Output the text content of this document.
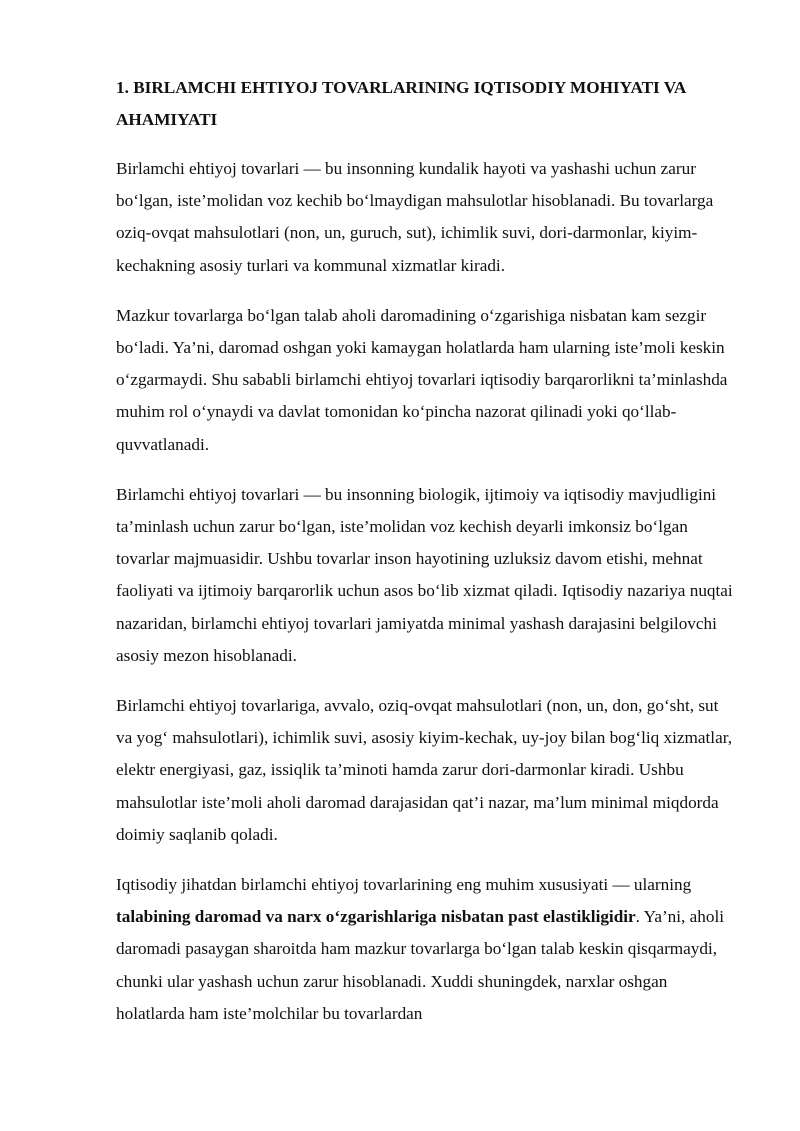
1. BIRLAMCHI EHTIYOJ TOVARLARINING IQTISODIY MOHIYATI VA AHAMIYATI

Birlamchi ehtiyoj tovarlari — bu insonning kundalik hayoti va yashashi uchun zarur bo‘lgan, iste’molidan voz kechib bo‘lmaydigan mahsulotlar hisoblanadi. Bu tovarlarga oziq-ovqat mahsulotlari (non, un, guruch, sut), ichimlik suvi, dori-darmonlar, kiyim-kechakning asosiy turlari va kommunal xizmatlar kiradi.

Mazkur tovarlarga bo‘lgan talab aholi daromadining o‘zgarishiga nisbatan kam sezgir bo‘ladi. Ya’ni, daromad oshgan yoki kamaygan holatlarda ham ularning iste’moli keskin o‘zgarmaydi. Shu sababli birlamchi ehtiyoj tovarlari iqtisodiy barqarorlikni ta’minlashda muhim rol o‘ynaydi va davlat tomonidan ko‘pincha nazorat qilinadi yoki qo‘llab-quvvatlanadi.

Birlamchi ehtiyoj tovarlari — bu insonning biologik, ijtimoiy va iqtisodiy mavjudligini ta’minlash uchun zarur bo‘lgan, iste’molidan voz kechish deyarli imkonsiz bo‘lgan tovarlar majmuasidir. Ushbu tovarlar inson hayotining uzluksiz davom etishi, mehnat faoliyati va ijtimoiy barqarorlik uchun asos bo‘lib xizmat qiladi. Iqtisodiy nazariya nuqtai nazaridan, birlamchi ehtiyoj tovarlari jamiyatda minimal yashash darajasini belgilovchi asosiy mezon hisoblanadi.

Birlamchi ehtiyoj tovarlariga, avvalo, oziq-ovqat mahsulotlari (non, un, don, go‘sht, sut va yog‘ mahsulotlari), ichimlik suvi, asosiy kiyim-kechak, uy-joy bilan bog‘liq xizmatlar, elektr energiyasi, gaz, issiqlik ta’minoti hamda zarur dori-darmonlar kiradi. Ushbu mahsulotlar iste’moli aholi daromad darajasidan qat’i nazar, ma’lum minimal miqdorda doimiy saqlanib qoladi.

Iqtisodiy jihatdan birlamchi ehtiyoj tovarlarining eng muhim xususiyati — ularning talabining daromad va narx o‘zgarishlariga nisbatan past elastikligidir. Ya’ni, aholi daromadi pasaygan sharoitda ham mazkur tovarlarga bo‘lgan talab keskin qisqarmaydi, chunki ular yashash uchun zarur hisoblanadi. Xuddi shuningdek, narxlar oshgan holatlarda ham iste’molchilar bu tovarlardan
